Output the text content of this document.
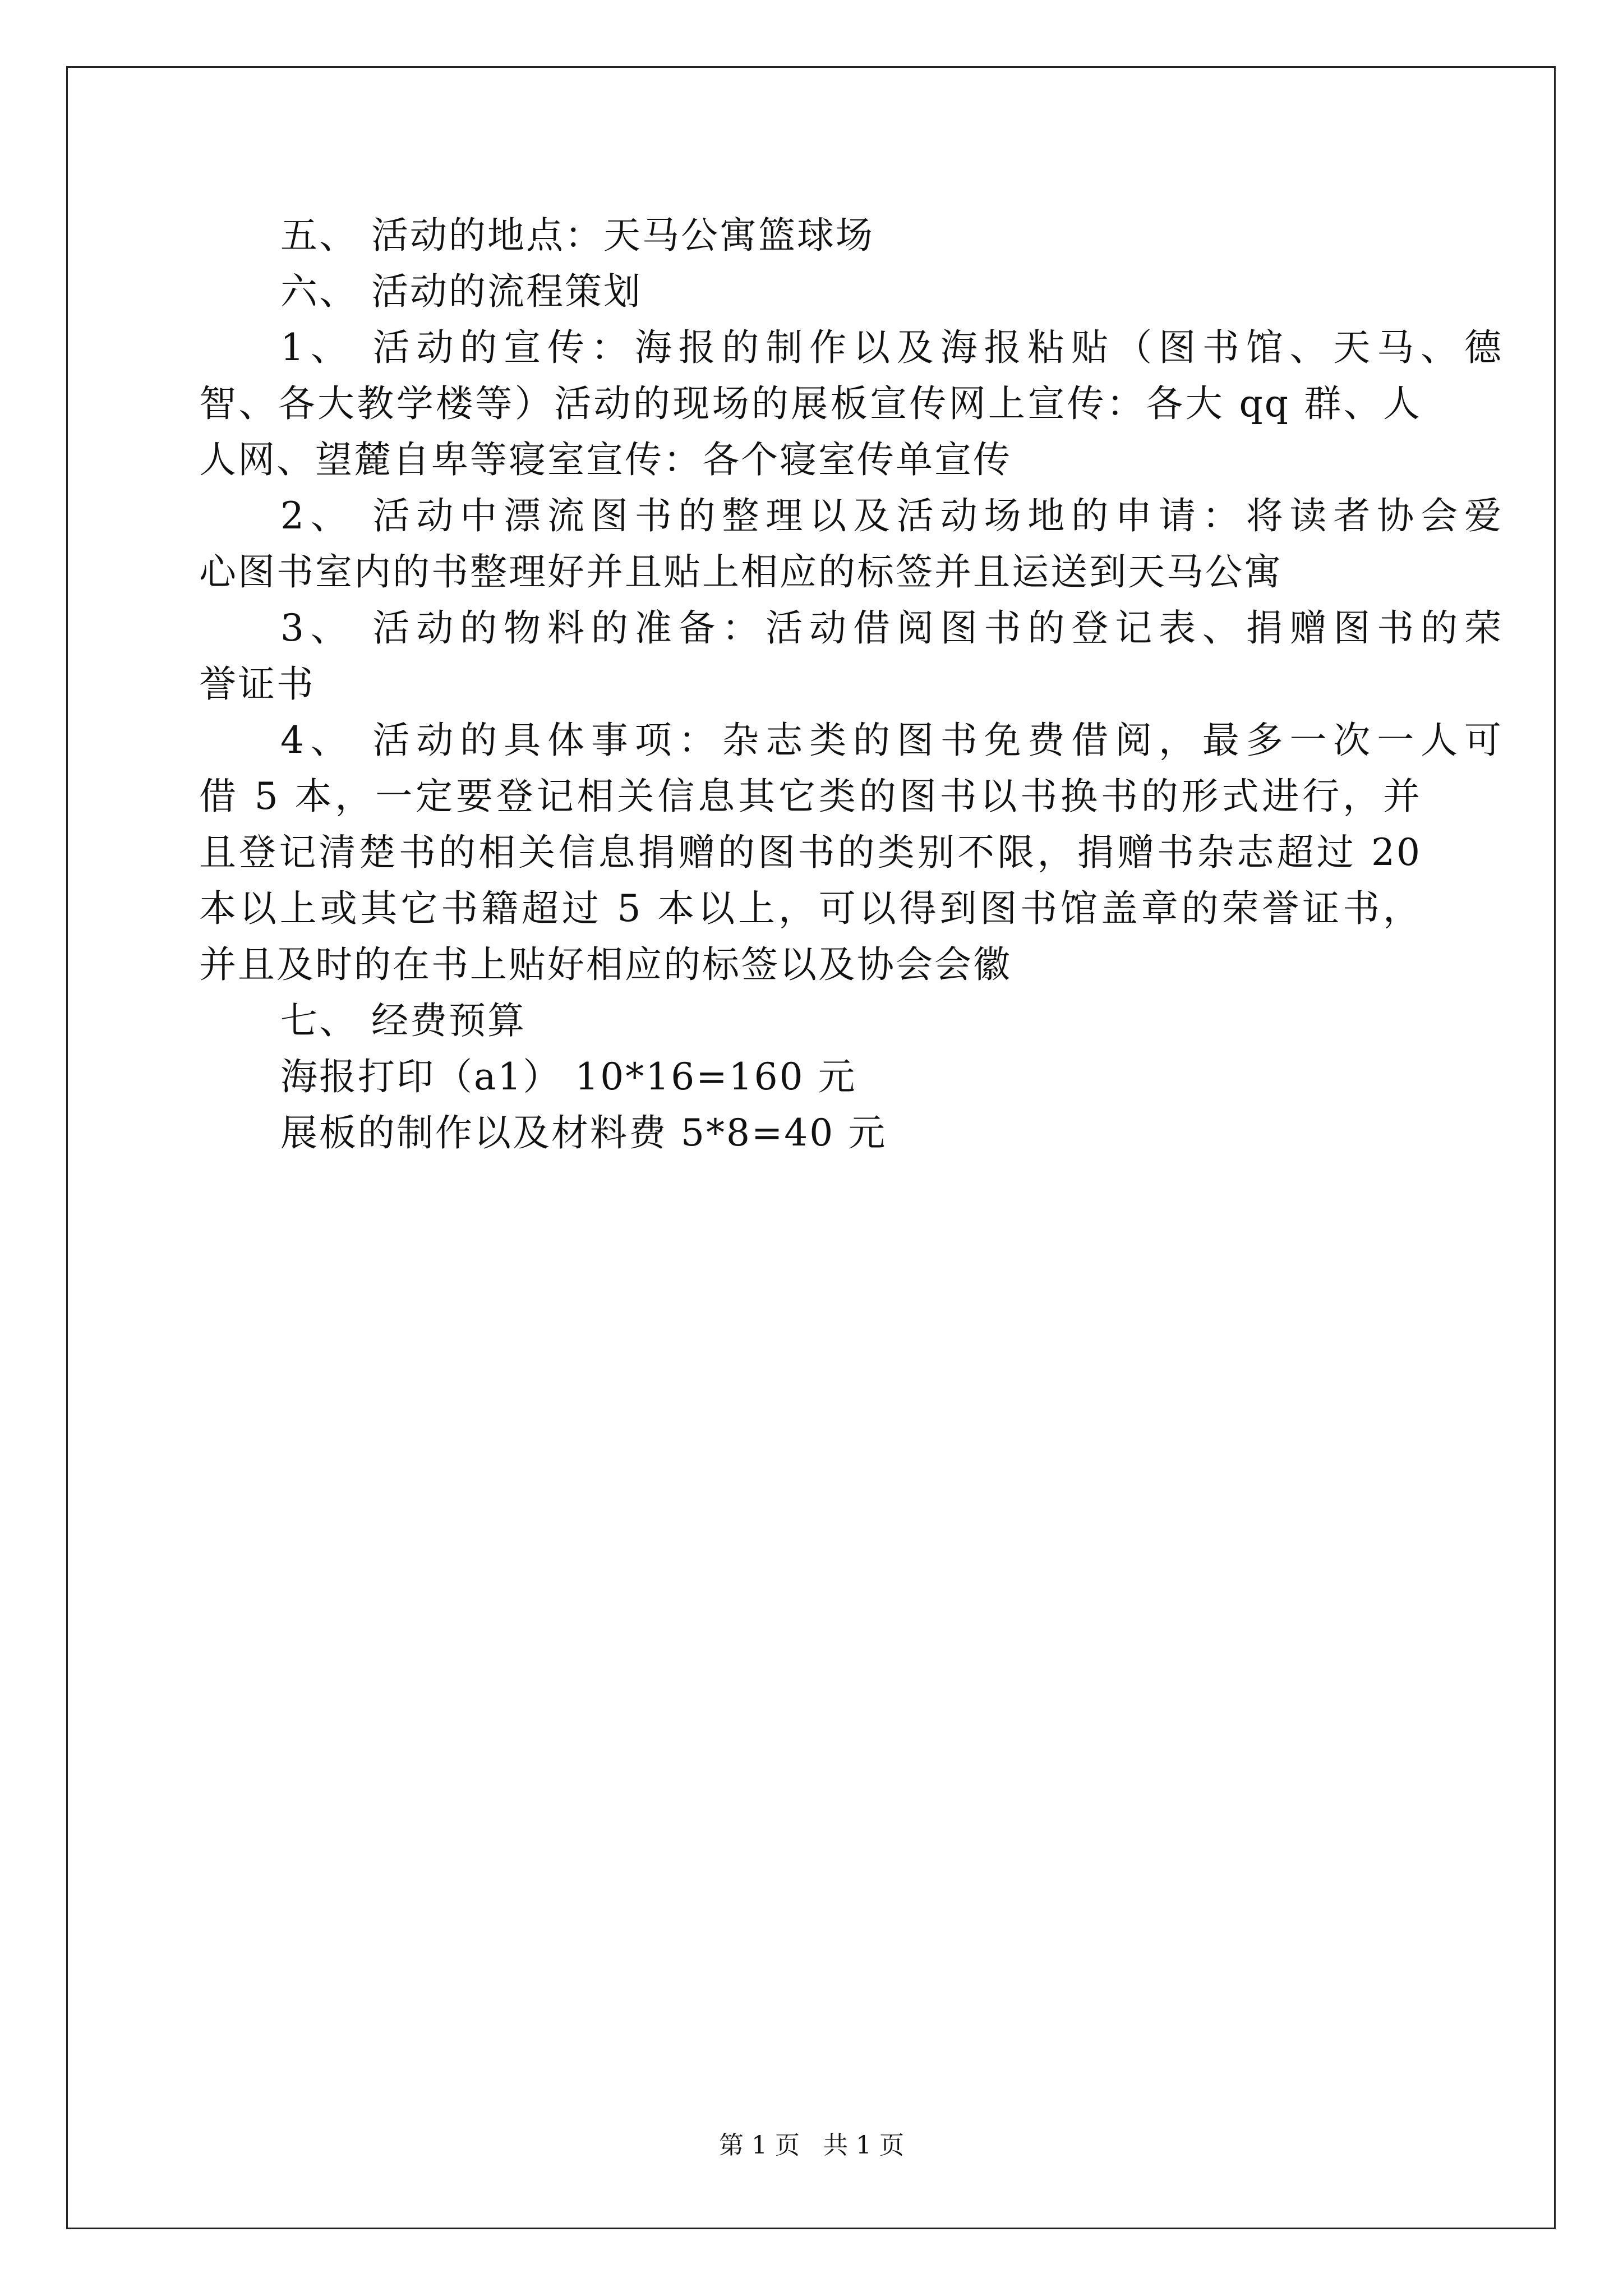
五、 活动的地点：天马公寓篮球场
六、 活动的流程策划
1、 活动的宣传：海报的制作以及海报粘贴（图书馆、天马、德
智、各大教学楼等）活动的现场的展板宣传网上宣传：各大 qq 群、人
人网、望麓自卑等寝室宣传：各个寝室传单宣传
2、 活动中漂流图书的整理以及活动场地的申请：将读者协会爱
心图书室内的书整理好并且贴上相应的标签并且运送到天马公寓
3、 活动的物料的准备：活动借阅图书的登记表、捐赠图书的荣
誉证书
4、 活动的具体事项：杂志类的图书免费借阅，最多一次一人可
借 5 本，一定要登记相关信息其它类的图书以书换书的形式进行，并
且登记清楚书的相关信息捐赠的图书的类别不限，捐赠书杂志超过 20
本以上或其它书籍超过 5 本以上，可以得到图书馆盖章的荣誉证书，
并且及时的在书上贴好相应的标签以及协会会徽
七、 经费预算
海报打印（a1） 10*16=160 元
展板的制作以及材料费 5*8=40 元
第 1 页 共 1 页
